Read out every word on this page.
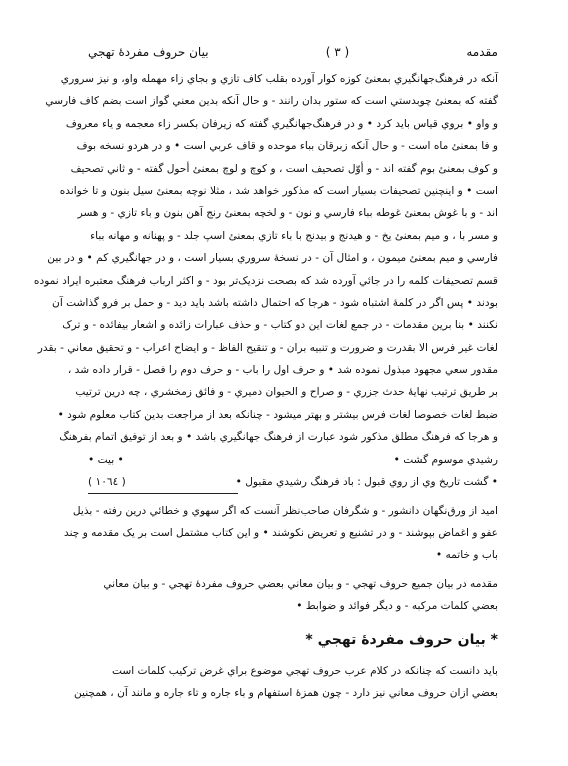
مقدمه
( ٣ )
بيان حروف مفردۀ تهجي
آنکه در فرهنگ‌جهانگيري بمعنئ کوزه کوار آورده بقلب کاف تازي و بجاي زاء مهمله واو، و نيز سروري
گفته که بمعنئ چوبدستي است که ستور بدان رانند - و حال آنکه بدين معني گواز است بضم کاف فارسي
و واو • بروي قياس بايد کرد • و در فرهنگ‌جهانگيري گفته که زيرفان بکسر زاء معجمه و ياء معروف
و فا بمعنئ ماه است - و حال آنکه زبرقان بباء موحده و قاف عربي است • و در هردو نسخه بوف
و کوف بمعنئ بوم گفته اند - و أوّل تصحيف است ، و کوچ و لوچ بمعنئ أحول گفته - و ثاني تصحيف
است • و اينچنين تصحيفات بسيار است که مذکور خواهد شد ، مثلا نوچه بمعنئ سيل بنون و تا خوانده
اند - و با غوش بمعنئ غوطه بباء فارسي و نون - و لخچه بمعنئ رنج آهن بنون و باء تازي - و هسر
و مسر با ، و ميم بمعنئ يخ - و هيدنج و بيدنج با باء تازي بمعنئ اسپ جلد - و پهنانه و مهانه بباء
فارسي و ميم بمعنئ ميمون ، و امثال آن - در نسخۀ سروري بسيار است ، و در جهانگيري کم • و در بين
قسم تصحيفات کلمه را در جائي آورده شد که بصحت نزديک‌تر بود - و اکثر ارباب فرهنگ معتبره ايراد نموده
بودند • پس اگر در کلمۀ اشتباه شود - هرجا که احتمال داشته باشد بايد ديد - و حمل بر فرو گذاشت آن
نکنند • بنا برين مقدمات - در جمع لغات اين دو کتاب - و حذف عبارات زائده و اشعار بيفائده - و ترک
لغات غير فرس الا بقدرت و ضرورت و تنبيه بران - و تنقيح الفاظ - و ايضاح اعراب - و تحقيق معاني - بقدر
مقدور سعي مجهود مبذول نموده شد • و حرف اول را باب - و حرف دوم را فصل - قرار داده شد ،
بر طريق ترتيب نهايۀ حدث جزري - و صراح و الحيوان دميري - و فائق زمخشري ، چه درين ترتيب
ضبط لغات خصوصا لغات فرس بيشتر و بهتر ميشود - چنانکه بعد از مراجعت بدين کتاب معلوم شود •
و هرجا که فرهنگ مطلق مذکور شود عبارت از فرهنگ جهانگيري باشد • و بعد از توفيق اتمام بفرهنگ
رشيدي موسوم گشت •
• بيت •
• گشت تاريخ وي از روي قبول : باد فرهنگ رشيدي مقبول •
( ١٠٦٤ )
اميد از ورق‌نگهان دانشور - و شگرفان صاحب‌نظر آنست که اگر سهوي و خطائي درين رفته - بذيل
عفو و اغماض بپوشند - و در تشنيع و تعريض نکوشند • و اين کتاب مشتمل است بر يک مقدمه و چند
باب و خاتمه •
مقدمه در بيان جميع حروف تهجي - و بيان معاني بعضي حروف مفردۀ تهجي - و بيان معاني
بعضي کلمات مرکبه - و ديگر فوائد و ضوابط •
* بيان حروف مفردۀ تهجي *
بايد دانست که چنانکه در کلام عرب حروف تهجي موضوع براي غرض ترکيب کلمات است
بعضي ازان حروف معاني نيز دارد - چون همزۀ استفهام و باء جاره و تاء جاره و مانند آن ، همچنين
